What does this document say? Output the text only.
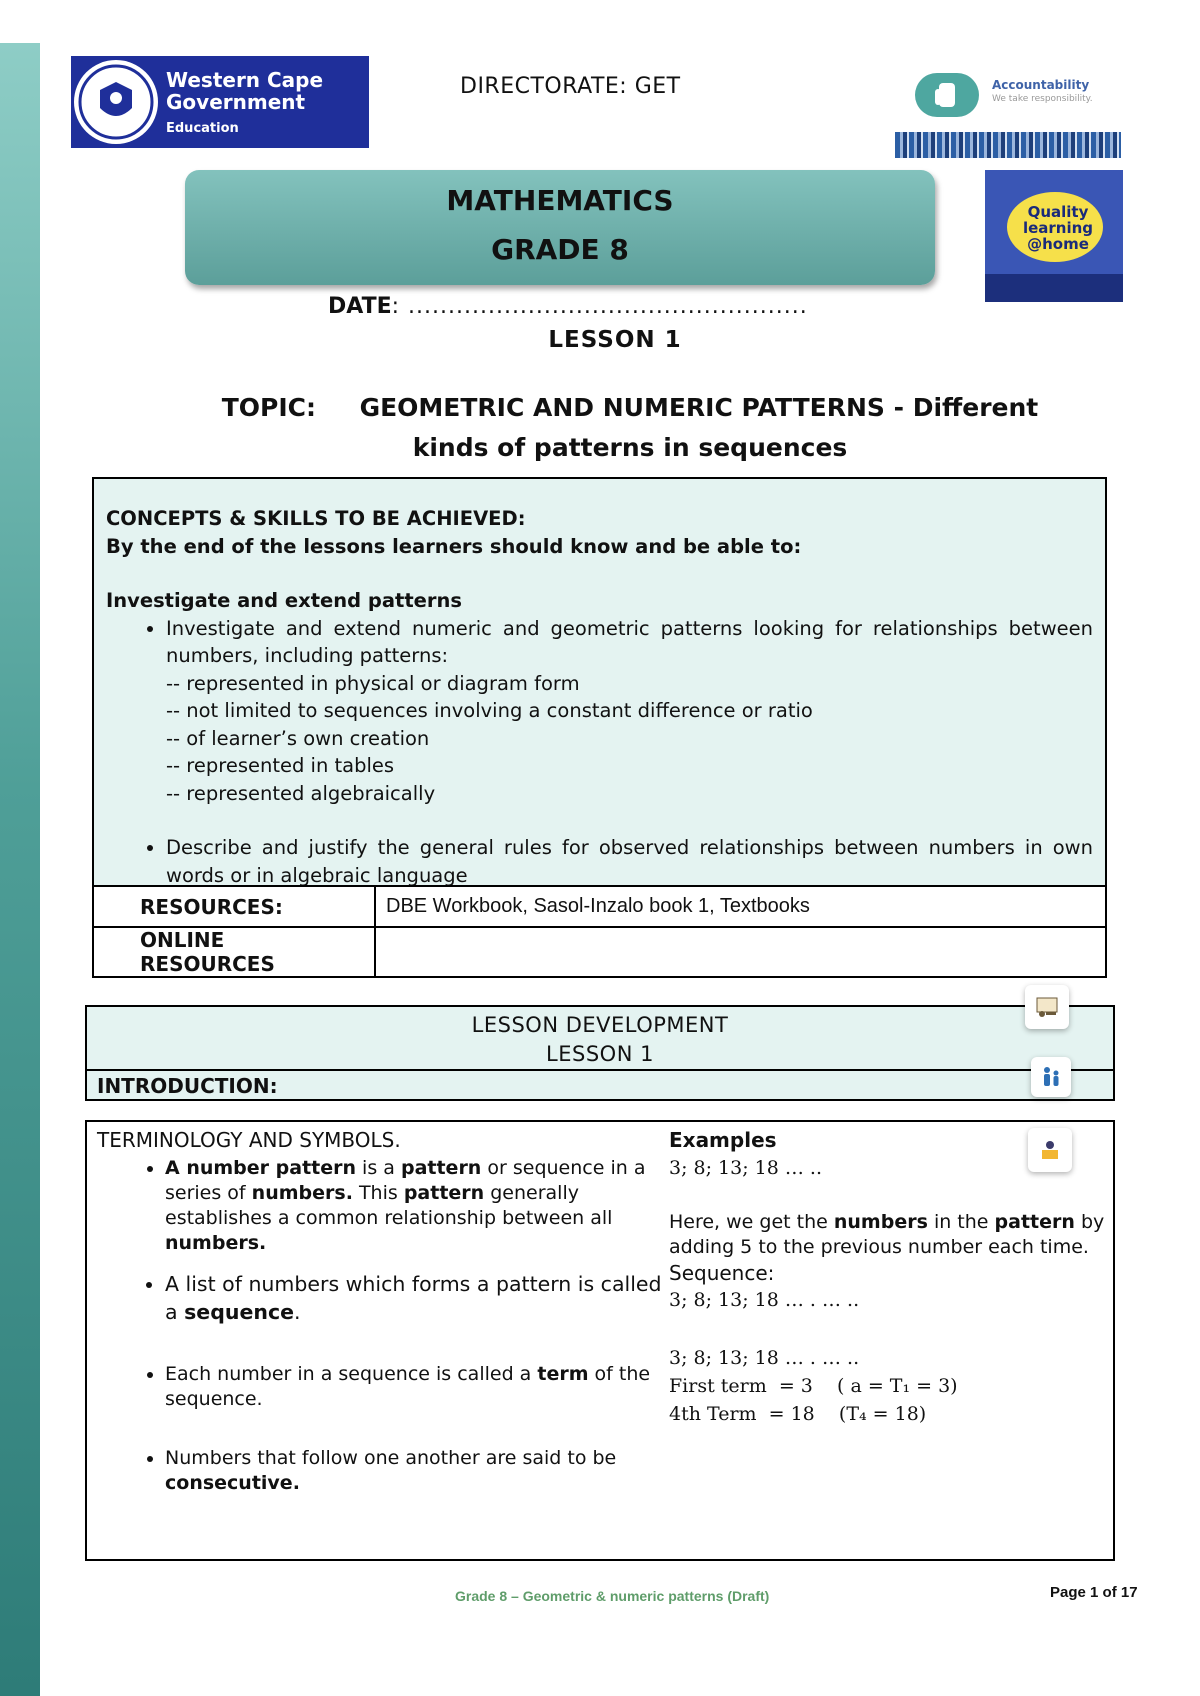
Western Cape
Government
Education
DIRECTORATE: GET	Accountability
We take responsibility.
MATHEMATICS
GRADE 8
Quality learning @home
DATE: ..................................................
LESSON 1
TOPIC: GEOMETRIC AND NUMERIC PATTERNS - Different kinds of patterns in sequences
CONCEPTS & SKILLS TO BE ACHIEVED:
By the end of the lessons learners should know and be able to:
Investigate and extend patterns
• Investigate and extend numeric and geometric patterns looking for relationships between numbers, including patterns:
-- represented in physical or diagram form
-- not limited to sequences involving a constant difference or ratio
-- of learner’s own creation
-- represented in tables
-- represented algebraically
• Describe and justify the general rules for observed relationships between numbers in own words or in algebraic language
RESOURCES:	DBE Workbook, Sasol-Inzalo book 1, Textbooks
ONLINE RESOURCES	
LESSON DEVELOPMENT
LESSON 1
INTRODUCTION:
TERMINOLOGY AND SYMBOLS.
• A number pattern is a pattern or sequence in a series of numbers. This pattern generally establishes a common relationship between all numbers.
• A list of numbers which forms a pattern is called a sequence.
• Each number in a sequence is called a term of the sequence.
• Numbers that follow one another are said to be consecutive.
Examples
3; 8; 13; 18 … ..
Here, we get the numbers in the pattern by adding 5 to the previous number each time.
Sequence:
3; 8; 13; 18 … . … ..
3; 8; 13; 18 … . … ..
First term  = 3    ( a = T₁ = 3)
4th Term  = 18    (T₄ = 18)
Grade 8 – Geometric & numeric patterns (Draft)	Page 1 of 17
